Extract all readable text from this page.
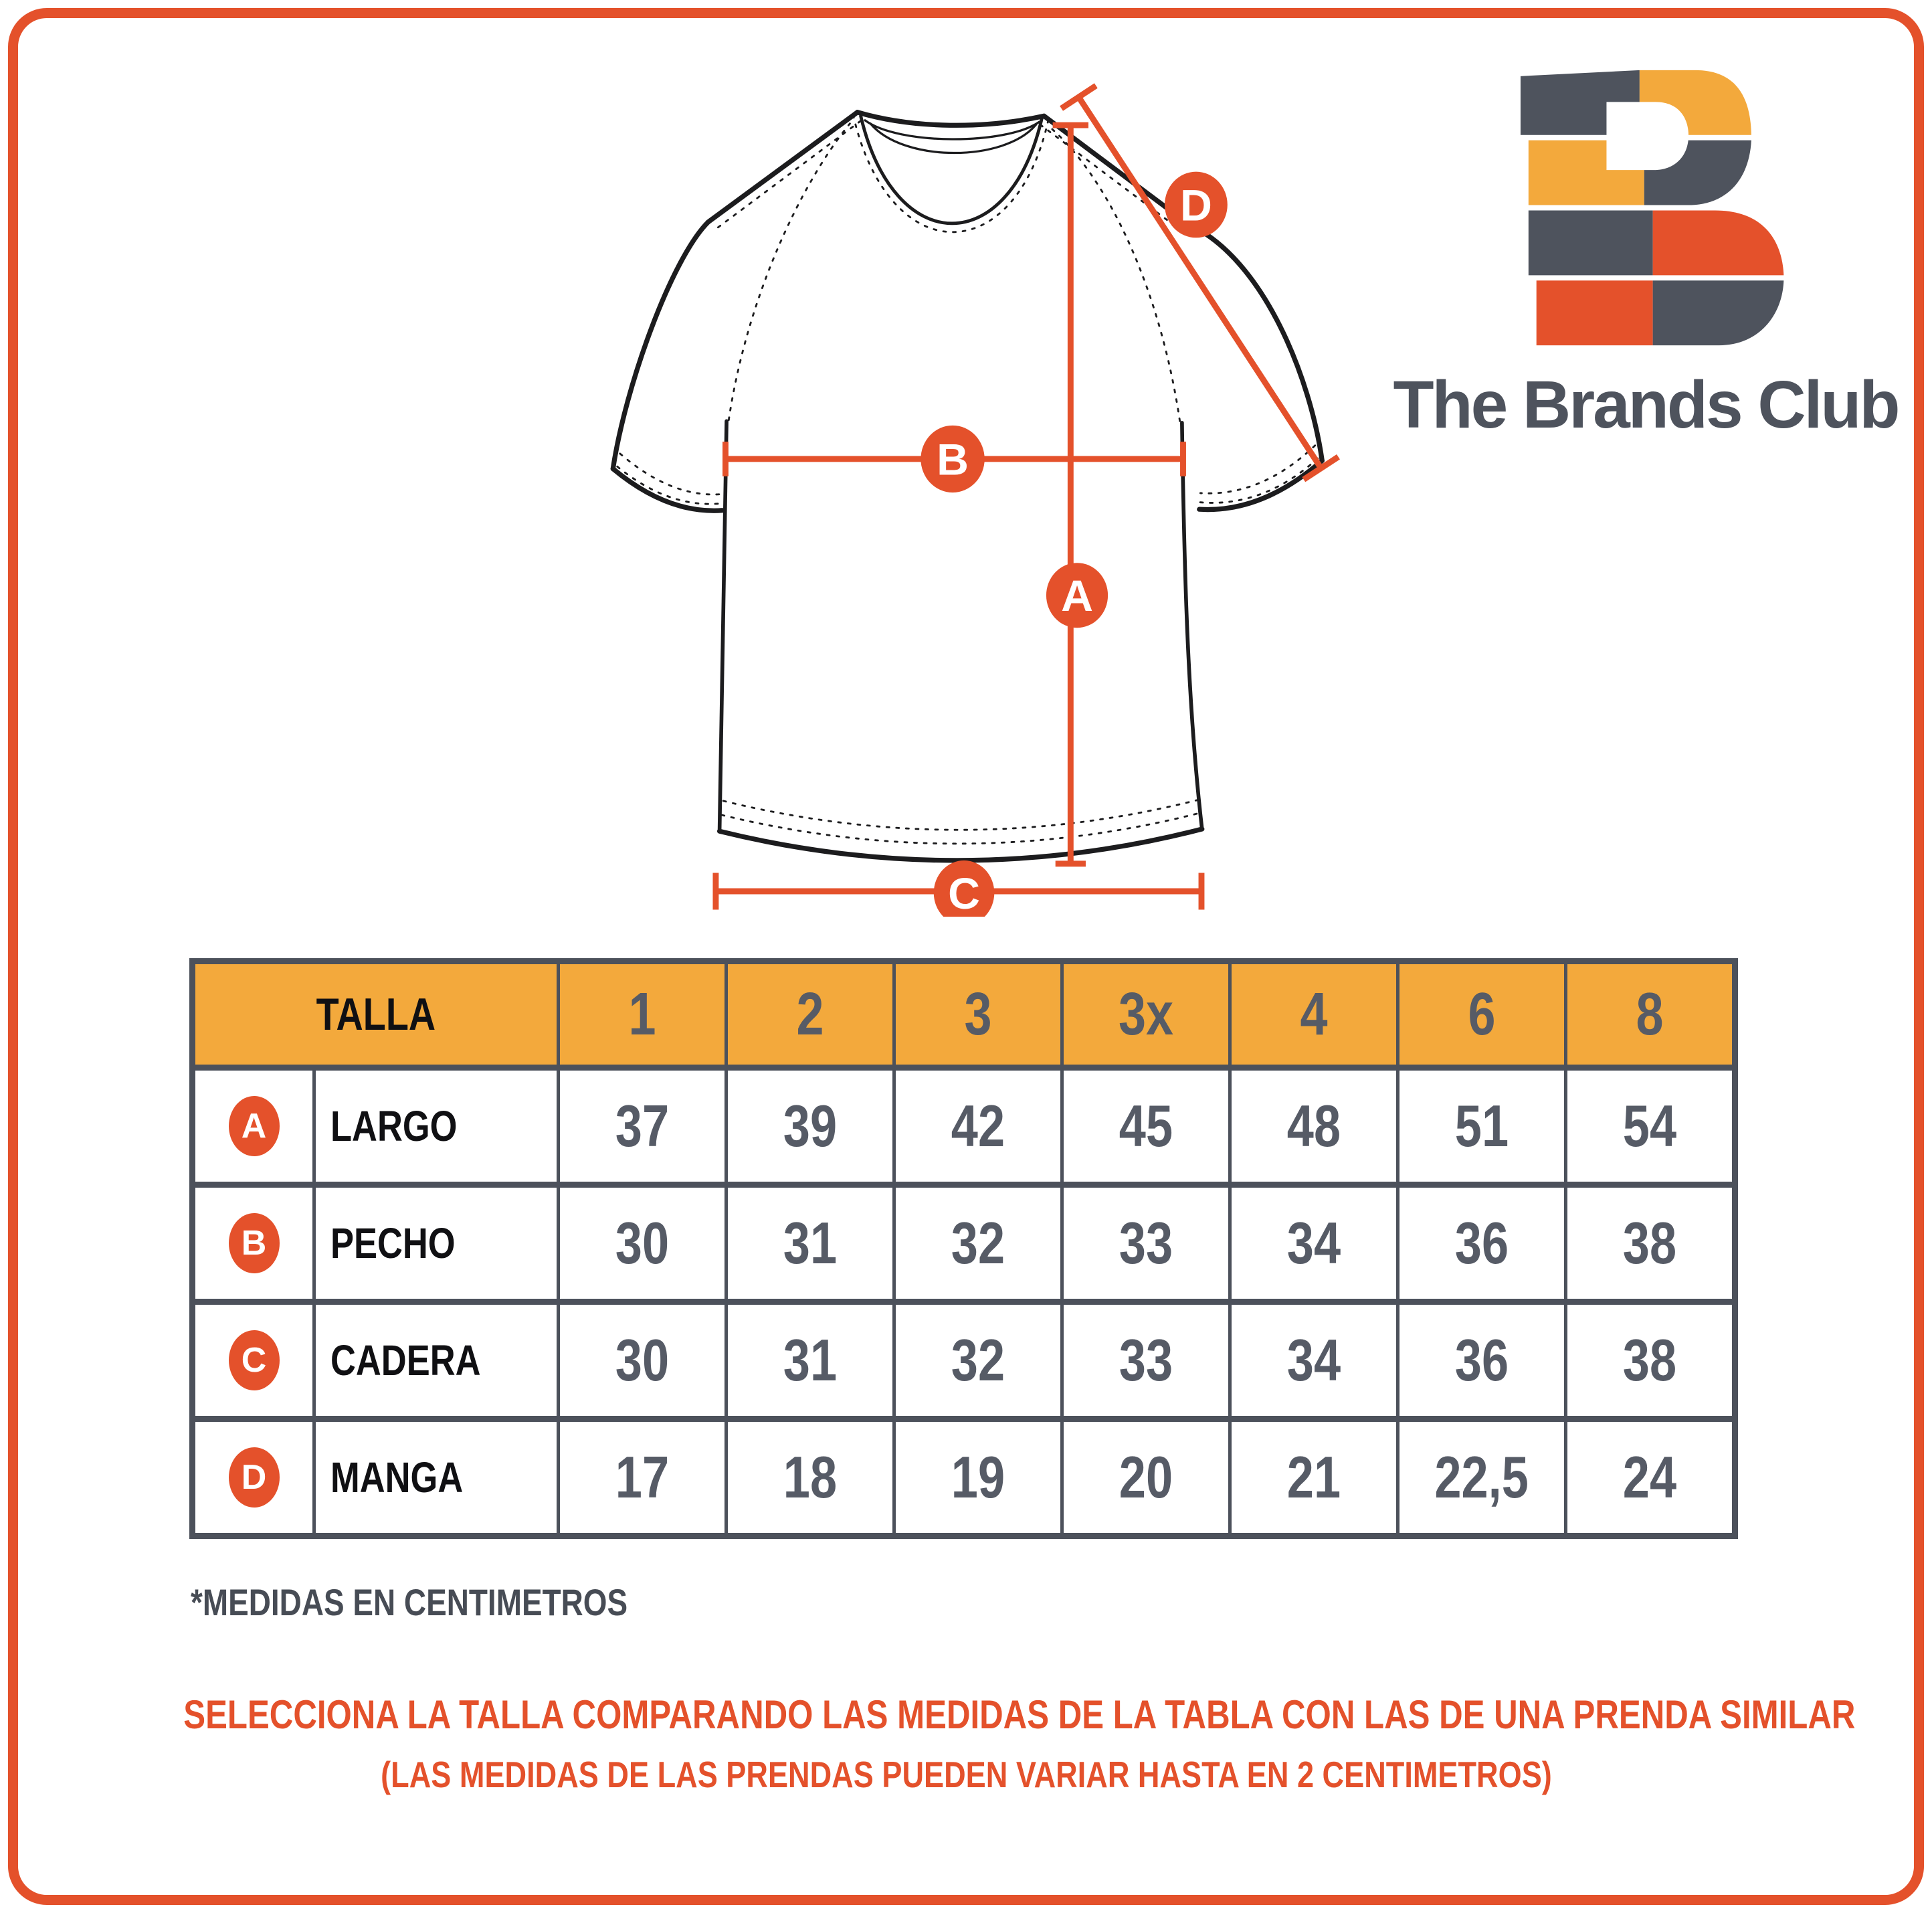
A
B
C
D
The Brands Club
TALLA	1 2 3 3x 4 6 8
A	LARGO	37 39 42 45 48 51 54
B	PECHO	30 31 32 33 34 36 38
C	CADERA 30 31 32 33 34 36 38
D	MANGA	17 18 19 20 21 22,5 24
*MEDIDAS EN CENTIMETROS
SELECCIONA LA TALLA COMPARANDO LAS MEDIDAS DE LA TABLA CON LAS DE UNA PRENDA SIMILAR
(LAS MEDIDAS DE LAS PRENDAS PUEDEN VARIAR HASTA EN 2 CENTIMETROS)
